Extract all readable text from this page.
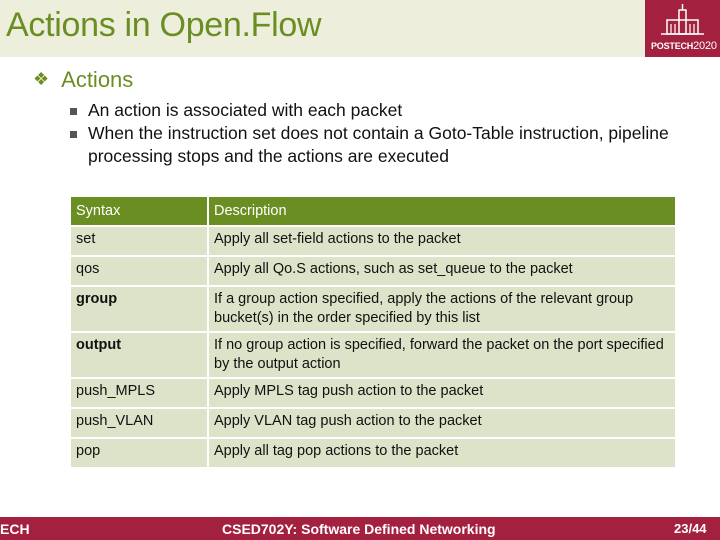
Actions in Open.Flow
POSTECH2020
❖ Actions
An action is associated with each packet
When the instruction set does not contain a Goto-Table instruction, pipeline processing stops and the actions are executed
Syntax	Description
set	Apply all set-field actions to the packet
qos	Apply all Qo.S actions, such as set_queue to the packet
group	If a group action specified, apply the actions of the relevant group bucket(s) in the order specified by this list
output	If no group action is specified, forward the packet on the port specified by the output action
push_MPLS	Apply MPLS tag push action to the packet
push_VLAN	Apply VLAN tag push action to the packet
pop	Apply all tag pop actions to the packet
ECH	CSED702Y: Software Defined Networking	23/44
